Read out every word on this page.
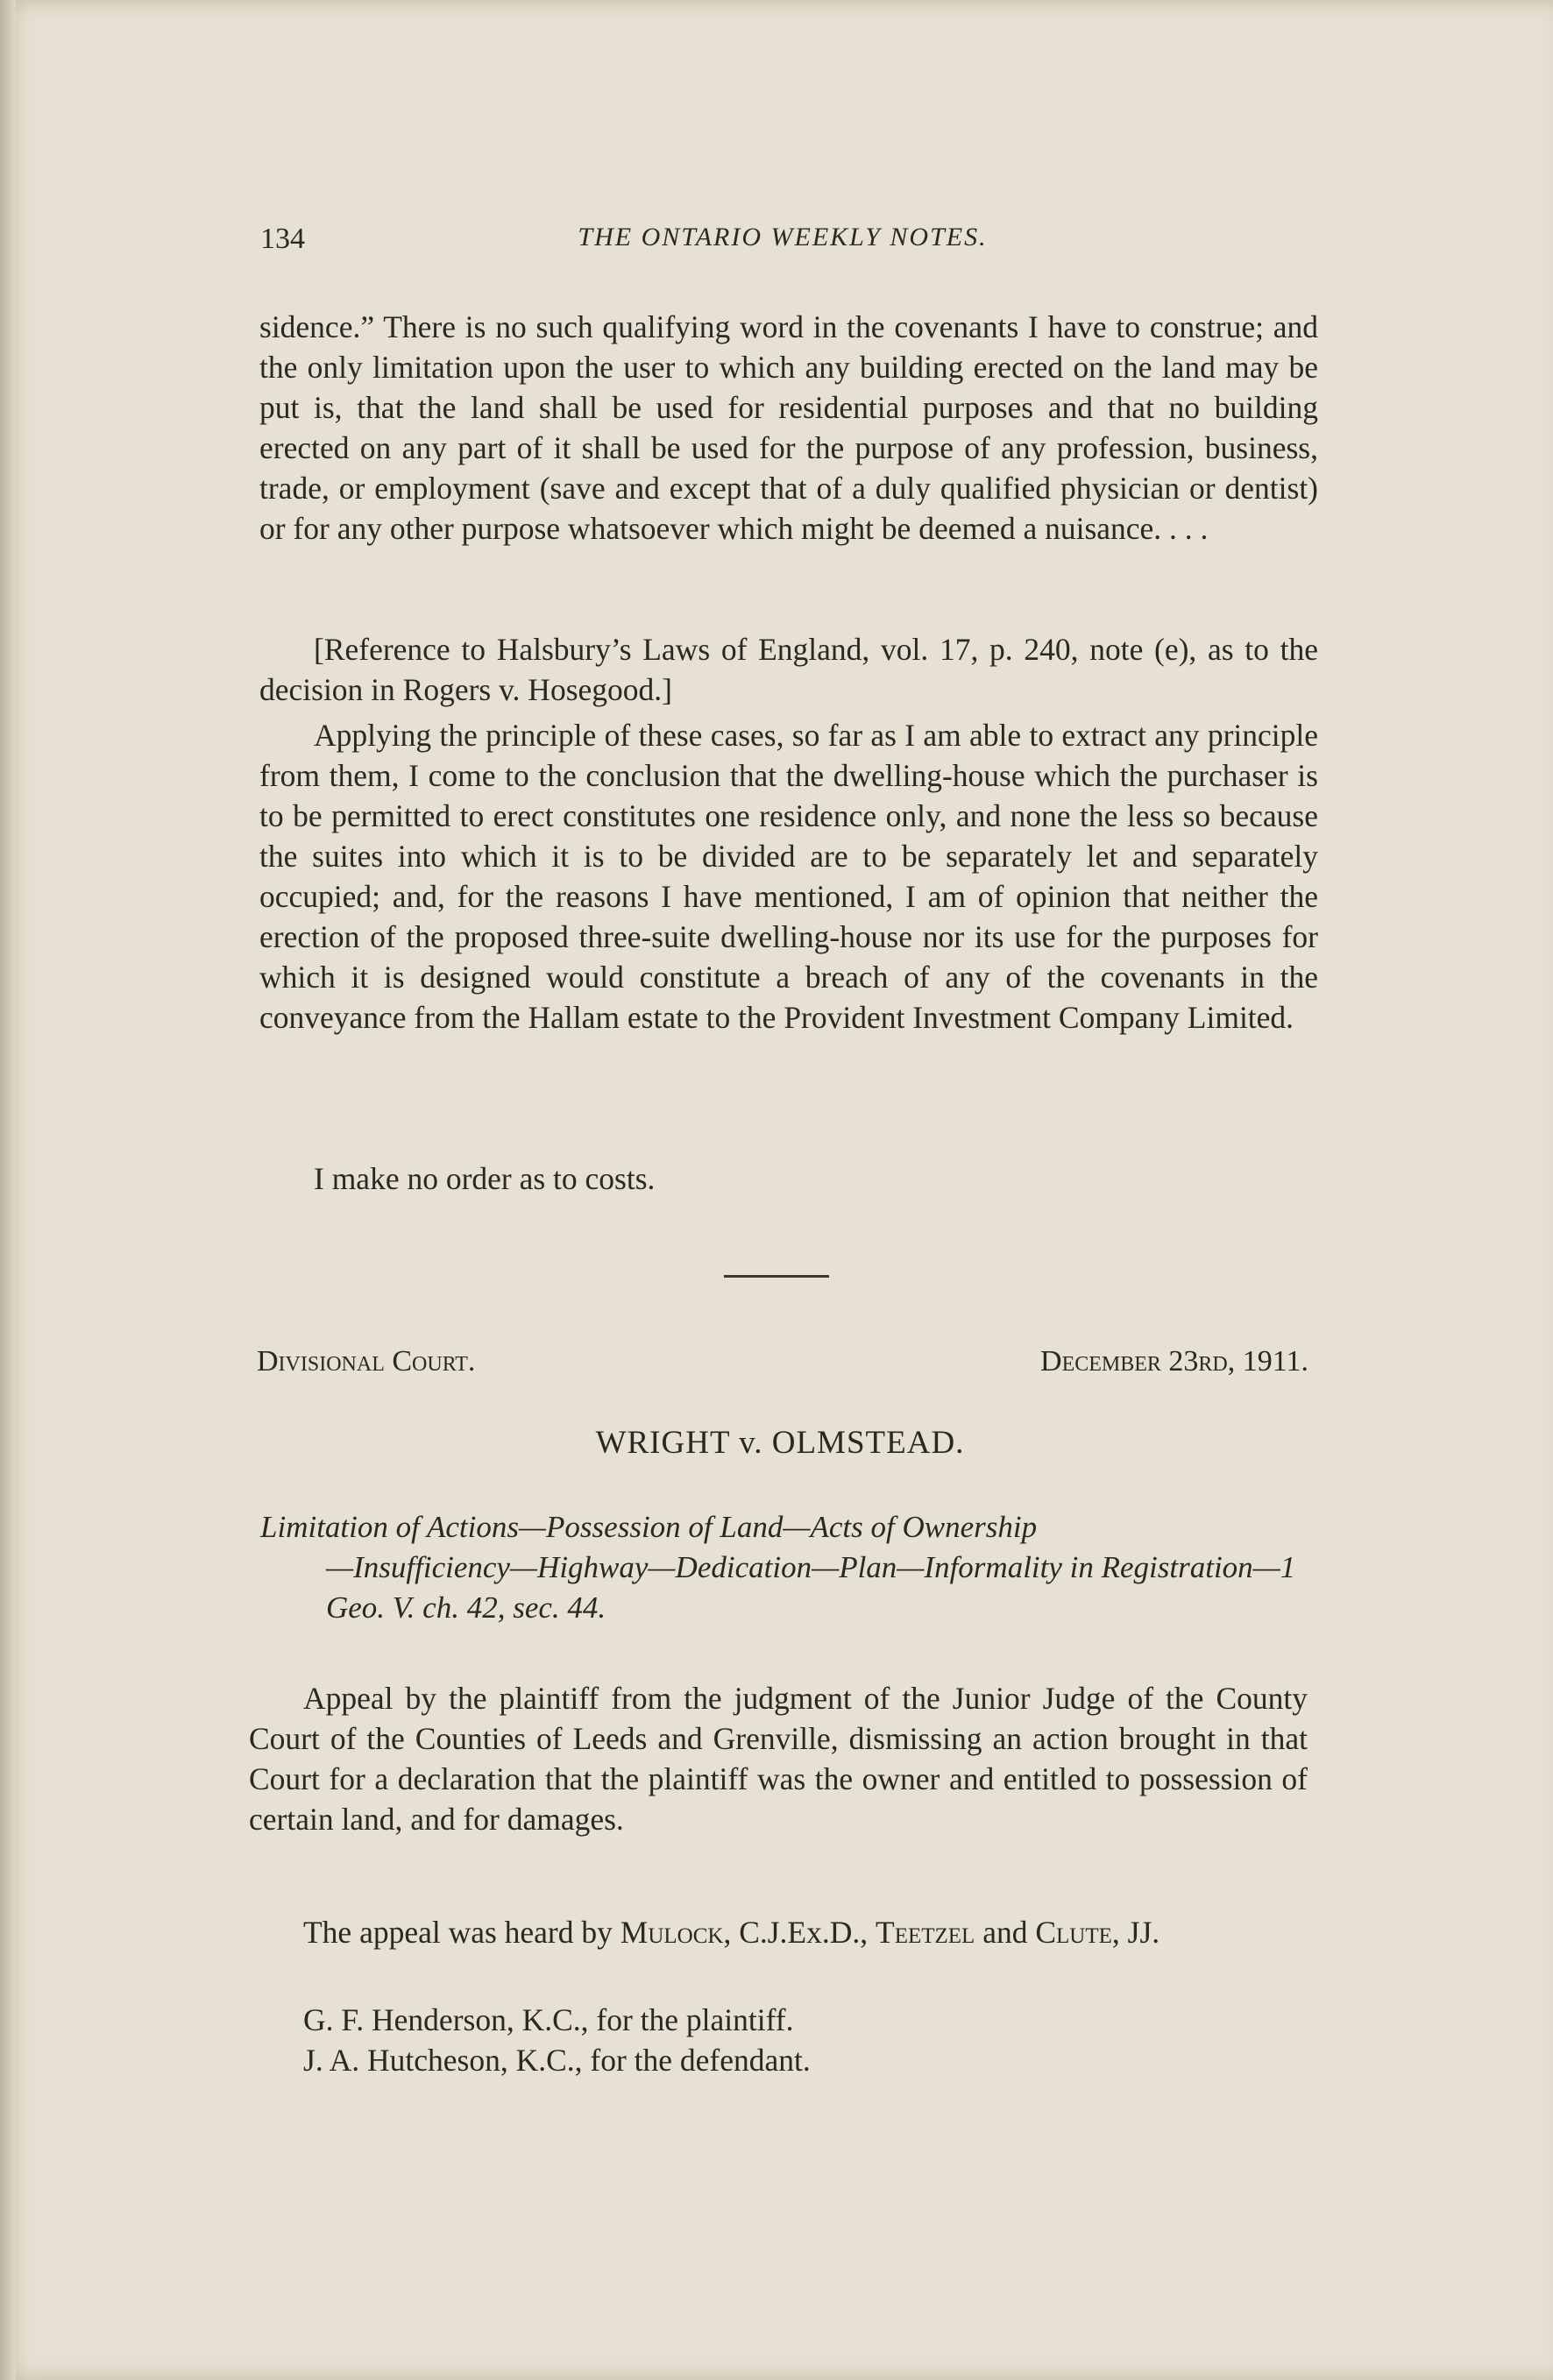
134	THE ONTARIO WEEKLY NOTES.

sidence.” There is no such qualifying word in the covenants I have to construe; and the only limitation upon the user to which any building erected on the land may be put is, that the land shall be used for residential purposes and that no building erected on any part of it shall be used for the purpose of any profession, business, trade, or employment (save and except that of a duly qualified physician or dentist) or for any other purpose whatsoever which might be deemed a nuisance. . . .

[Reference to Halsbury’s Laws of England, vol. 17, p. 240, note (e), as to the decision in Rogers v. Hosegood.]

Applying the principle of these cases, so far as I am able to extract any principle from them, I come to the conclusion that the dwelling-house which the purchaser is to be permitted to erect constitutes one residence only, and none the less so because the suites into which it is to be divided are to be separately let and separately occupied; and, for the reasons I have mentioned, I am of opinion that neither the erection of the proposed three-suite dwelling-house nor its use for the purposes for which it is designed would constitute a breach of any of the covenants in the conveyance from the Hallam estate to the Provident Investment Company Limited.

I make no order as to costs.

Divisional Court.	December 23rd, 1911.
WRIGHT v. OLMSTEAD.

Limitation of Actions—Possession of Land—Acts of Ownership
—Insufficiency—Highway—Dedication—Plan—Informality in Registration—1 Geo. V. ch. 42, sec. 44.

Appeal by the plaintiff from the judgment of the Junior Judge of the County Court of the Counties of Leeds and Grenville, dismissing an action brought in that Court for a declaration that the plaintiff was the owner and entitled to possession of certain land, and for damages.

The appeal was heard by Mulock, C.J.Ex.D., Teetzel and Clute, JJ.

G. F. Henderson, K.C., for the plaintiff.

J. A. Hutcheson, K.C., for the defendant.
